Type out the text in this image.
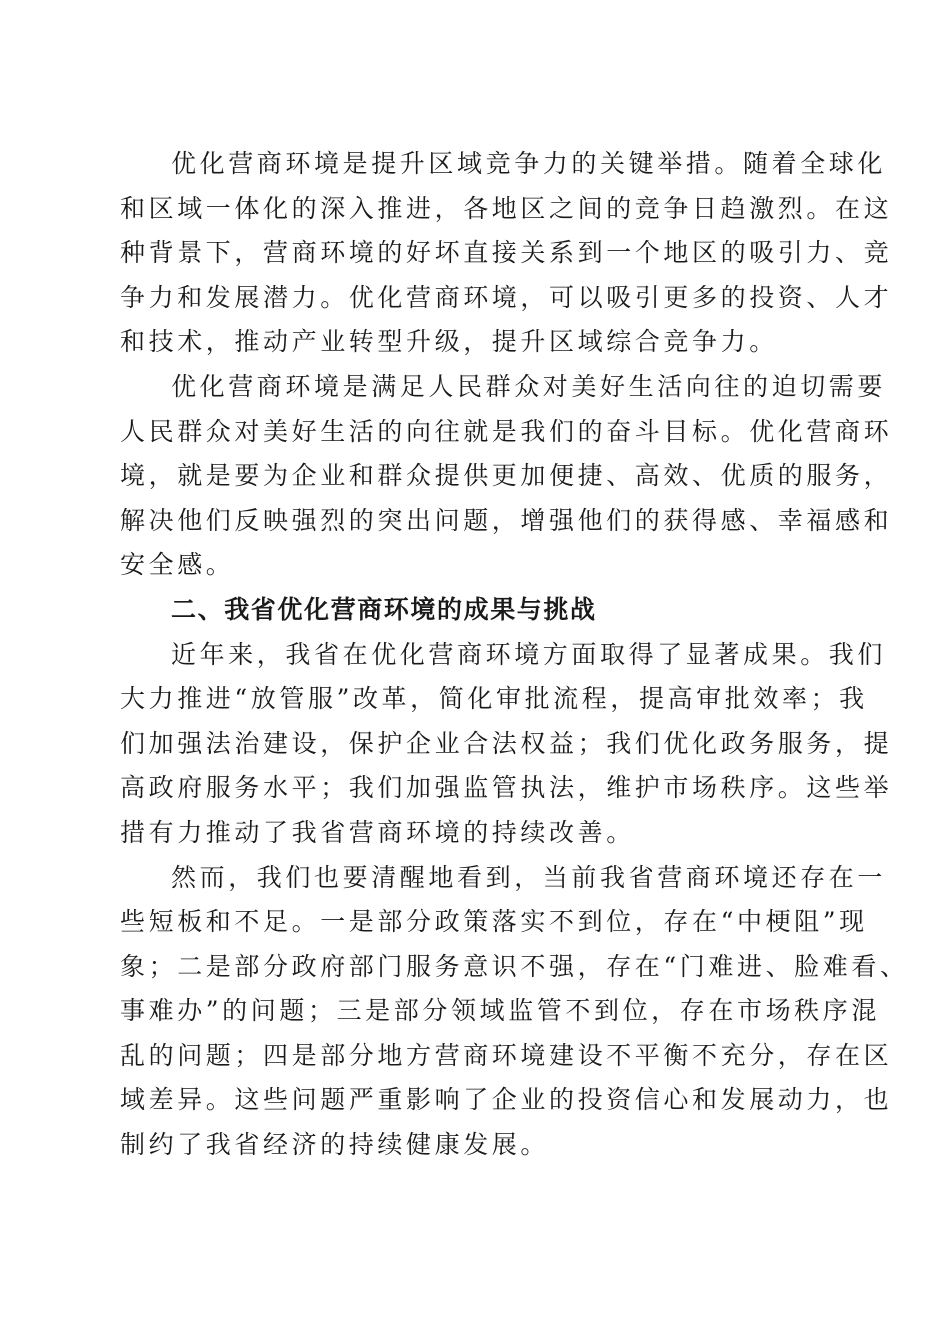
优化营商环境是提升区域竞争力的关键举措。随着全球化
和区域一体化的深入推进，各地区之间的竞争日趋激烈。在这
种背景下，营商环境的好坏直接关系到一个地区的吸引力、竞
争力和发展潜力。优化营商环境，可以吸引更多的投资、人才
和技术，推动产业转型升级，提升区域综合竞争力。
优化营商环境是满足人民群众对美好生活向往的迫切需要
人民群众对美好生活的向往就是我们的奋斗目标。优化营商环
境，就是要为企业和群众提供更加便捷、高效、优质的服务，
解决他们反映强烈的突出问题，增强他们的获得感、幸福感和
安全感。
二、我省优化营商环境的成果与挑战
近年来，我省在优化营商环境方面取得了显著成果。我们
大力推进“放管服”改革，简化审批流程，提高审批效率；我
们加强法治建设，保护企业合法权益；我们优化政务服务，提
高政府服务水平；我们加强监管执法，维护市场秩序。这些举
措有力推动了我省营商环境的持续改善。
然而，我们也要清醒地看到，当前我省营商环境还存在一
些短板和不足。一是部分政策落实不到位，存在“中梗阻”现
象；二是部分政府部门服务意识不强，存在“门难进、脸难看、
事难办”的问题；三是部分领域监管不到位，存在市场秩序混
乱的问题；四是部分地方营商环境建设不平衡不充分，存在区
域差异。这些问题严重影响了企业的投资信心和发展动力，也
制约了我省经济的持续健康发展。
